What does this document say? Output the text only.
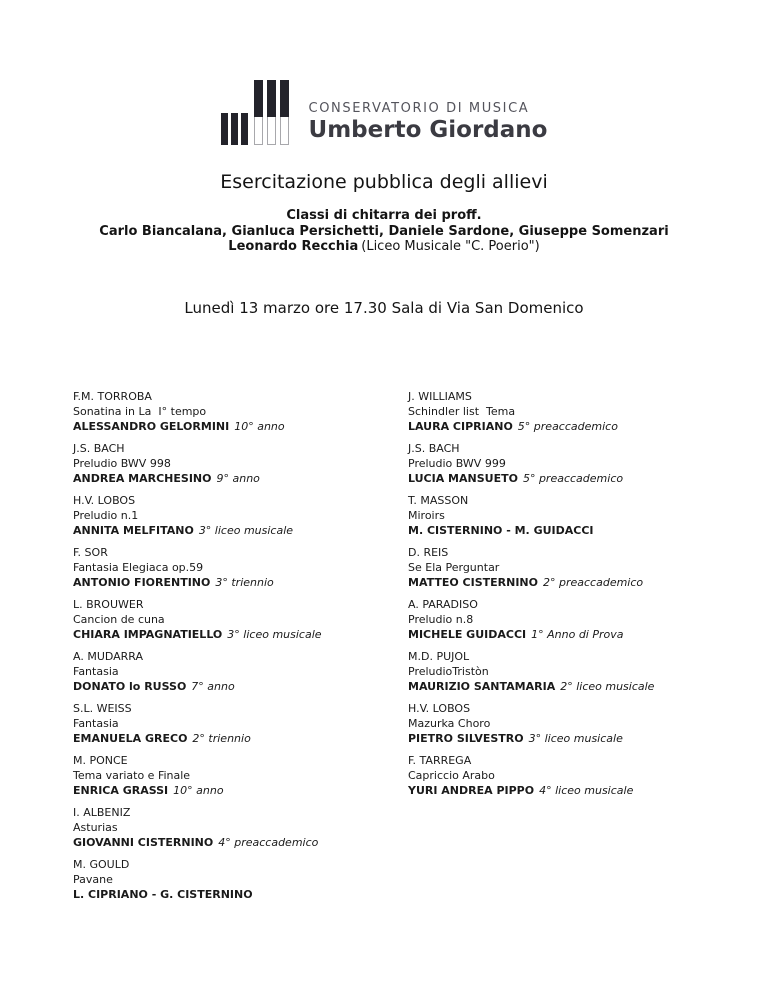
CONSERVATORIO DI MUSICA
Umberto Giordano
Esercitazione pubblica degli allievi
Classi di chitarra dei proff.
Carlo Biancalana, Gianluca Persichetti, Daniele Sardone, Giuseppe Somenzari
Leonardo Recchia (Liceo Musicale "C. Poerio")
Lunedì 13 marzo ore 17.30 Sala di Via San Domenico
F.M. TORROBA
Sonatina in La  I° tempo
ALESSANDRO GELORMINI 10° anno
J.S. BACH
Preludio BWV 998
ANDREA MARCHESINO 9° anno
H.V. LOBOS
Preludio n.1
ANNITA MELFITANO 3° liceo musicale
F. SOR
Fantasia Elegiaca op.59
ANTONIO FIORENTINO 3° triennio
L. BROUWER
Cancion de cuna
CHIARA IMPAGNATIELLO 3° liceo musicale
A. MUDARRA
Fantasia
DONATO lo RUSSO 7° anno
S.L. WEISS
Fantasia
EMANUELA GRECO 2° triennio
M. PONCE
Tema variato e Finale
ENRICA GRASSI 10° anno
I. ALBENIZ
Asturias
GIOVANNI CISTERNINO 4° preaccademico
M. GOULD
Pavane
L. CIPRIANO - G. CISTERNINO
J. WILLIAMS
Schindler list  Tema
LAURA CIPRIANO 5° preaccademico
J.S. BACH
Preludio BWV 999
LUCIA MANSUETO 5° preaccademico
T. MASSON
Miroirs
M. CISTERNINO - M. GUIDACCI
D. REIS
Se Ela Perguntar
MATTEO CISTERNINO 2° preaccademico
A. PARADISO
Preludio n.8
MICHELE GUIDACCI 1° Anno di Prova
M.D. PUJOL
PreludioTristòn
MAURIZIO SANTAMARIA 2° liceo musicale
H.V. LOBOS
Mazurka Choro
PIETRO SILVESTRO 3° liceo musicale
F. TARREGA
Capriccio Arabo
YURI ANDREA PIPPO 4° liceo musicale
